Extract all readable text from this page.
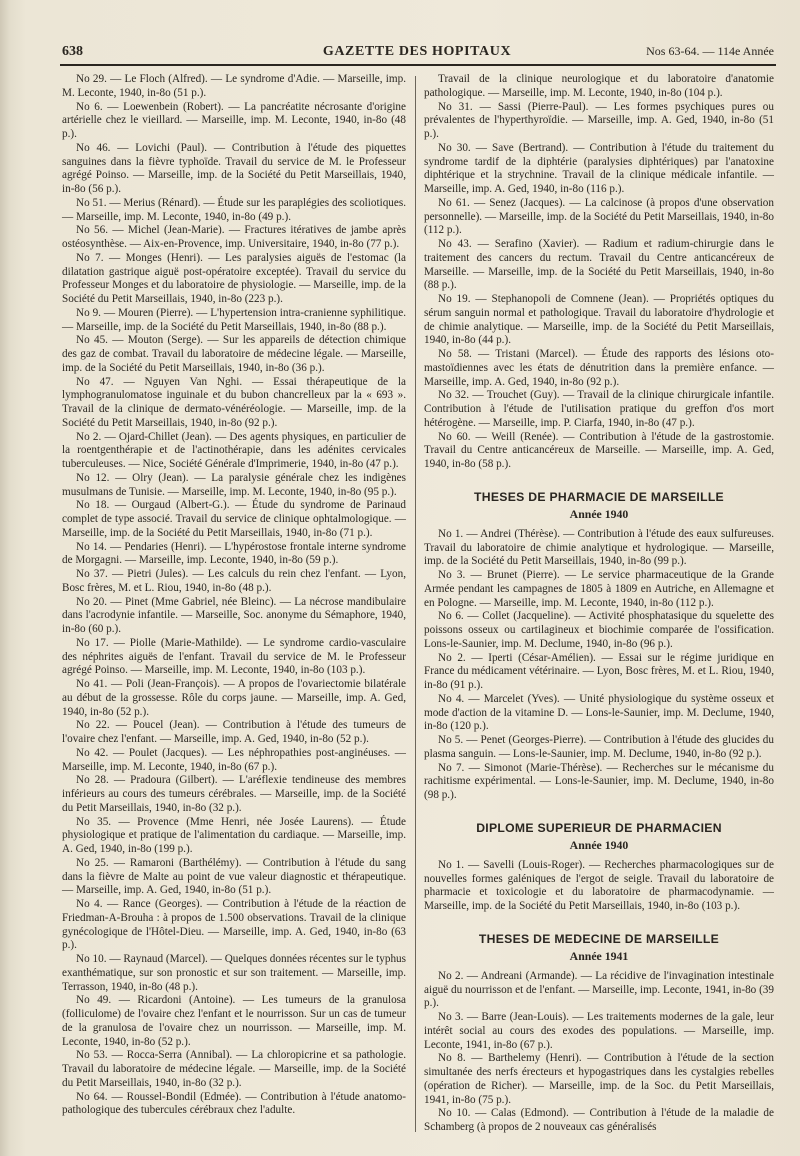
638	GAZETTE DES HOPITAUX	Nos 63-64. — 114e Année

No 29. — Le Floch (Alfred). — Le syndrome d'Adie. — Marseille, imp. M. Leconte, 1940, in-8o (51 p.).

No 6. — Loewenbein (Robert). — La pancréatite nécrosante d'origine artérielle chez le vieillard. — Marseille, imp. M. Leconte, 1940, in-8o (48 p.).

No 46. — Lovichi (Paul). — Contribution à l'étude des piquettes sanguines dans la fièvre typhoïde. Travail du service de M. le Professeur agrégé Poinso. — Marseille, imp. de la Société du Petit Marseillais, 1940, in-8o (56 p.).

No 51. — Merius (Rénard). — Étude sur les paraplégies des scoliotiques. — Marseille, imp. M. Leconte, 1940, in-8o (49 p.).

No 56. — Michel (Jean-Marie). — Fractures itératives de jambe après ostéosynthèse. — Aix-en-Provence, imp. Universitaire, 1940, in-8o (77 p.).

No 7. — Monges (Henri). — Les paralysies aiguës de l'estomac (la dilatation gastrique aiguë post-opératoire exceptée). Travail du service du Professeur Monges et du laboratoire de physiologie. — Marseille, imp. de la Société du Petit Marseillais, 1940, in-8o (223 p.).

No 9. — Mouren (Pierre). — L'hypertension intra-cranienne syphilitique. — Marseille, imp. de la Société du Petit Marseillais, 1940, in-8o (88 p.).

No 45. — Mouton (Serge). — Sur les appareils de détection chimique des gaz de combat. Travail du laboratoire de médecine légale. — Marseille, imp. de la Société du Petit Marseillais, 1940, in-8o (36 p.).

No 47. — Nguyen Van Nghi. — Essai thérapeutique de la lymphogranulomatose inguinale et du bubon chancrelleux par la « 693 ». Travail de la clinique de dermato-vénéréologie. — Marseille, imp. de la Société du Petit Marseillais, 1940, in-8o (92 p.).

No 2. — Ojard-Chillet (Jean). — Des agents physiques, en particulier de la roentgenthérapie et de l'actinothérapie, dans les adénites cervicales tuberculeuses. — Nice, Société Générale d'Imprimerie, 1940, in-8o (47 p.).

No 12. — Olry (Jean). — La paralysie générale chez les indigènes musulmans de Tunisie. — Marseille, imp. M. Leconte, 1940, in-8o (95 p.).

No 18. — Ourgaud (Albert-G.). — Étude du syndrome de Parinaud complet de type associé. Travail du service de clinique ophtalmologique. — Marseille, imp. de la Société du Petit Marseillais, 1940, in-8o (71 p.).

No 14. — Pendaries (Henri). — L'hypérostose frontale interne syndrome de Morgagni. — Marseille, imp. Leconte, 1940, in-8o (59 p.).

No 37. — Pietri (Jules). — Les calculs du rein chez l'enfant. — Lyon, Bosc frères, M. et L. Riou, 1940, in-8o (48 p.).

No 20. — Pinet (Mme Gabriel, née Bleinc). — La nécrose mandibulaire dans l'acrodynie infantile. — Marseille, Soc. anonyme du Sémaphore, 1940, in-8o (60 p.).

No 17. — Piolle (Marie-Mathilde). — Le syndrome cardio-vasculaire des néphrites aiguës de l'enfant. Travail du service de M. le Professeur agrégé Poinso. — Marseille, imp. M. Leconte, 1940, in-8o (103 p.).

No 41. — Poli (Jean-François). — A propos de l'ovariectomie bilatérale au début de la grossesse. Rôle du corps jaune. — Marseille, imp. A. Ged, 1940, in-8o (52 p.).

No 22. — Poucel (Jean). — Contribution à l'étude des tumeurs de l'ovaire chez l'enfant. — Marseille, imp. A. Ged, 1940, in-8o (52 p.).

No 42. — Poulet (Jacques). — Les néphropathies post-anginéuses. — Marseille, imp. M. Leconte, 1940, in-8o (67 p.).

No 28. — Pradoura (Gilbert). — L'aréflexie tendineuse des membres inférieurs au cours des tumeurs cérébrales. — Marseille, imp. de la Société du Petit Marseillais, 1940, in-8o (32 p.).

No 35. — Provence (Mme Henri, née Josée Laurens). — Étude physiologique et pratique de l'alimentation du cardiaque. — Marseille, imp. A. Ged, 1940, in-8o (199 p.).

No 25. — Ramaroni (Barthélémy). — Contribution à l'étude du sang dans la fièvre de Malte au point de vue valeur diagnostic et thérapeutique. — Marseille, imp. A. Ged, 1940, in-8o (51 p.).

No 4. — Rance (Georges). — Contribution à l'étude de la réaction de Friedman-A-Brouha : à propos de 1.500 observations. Travail de la clinique gynécologique de l'Hôtel-Dieu. — Marseille, imp. A. Ged, 1940, in-8o (63 p.).

No 10. — Raynaud (Marcel). — Quelques données récentes sur le typhus exanthématique, sur son pronostic et sur son traitement. — Marseille, imp. Terrasson, 1940, in-8o (48 p.).

No 49. — Ricardoni (Antoine). — Les tumeurs de la granulosa (folliculome) de l'ovaire chez l'enfant et le nourrisson. Sur un cas de tumeur de la granulosa de l'ovaire chez un nourrisson. — Marseille, imp. M. Leconte, 1940, in-8o (52 p.).

No 53. — Rocca-Serra (Annibal). — La chloropicrine et sa pathologie. Travail du laboratoire de médecine légale. — Marseille, imp. de la Société du Petit Marseillais, 1940, in-8o (32 p.).

No 64. — Roussel-Bondil (Edmée). — Contribution à l'étude anatomo-pathologique des tubercules cérébraux chez l'adulte.

Travail de la clinique neurologique et du laboratoire d'anatomie pathologique. — Marseille, imp. M. Leconte, 1940, in-8o (104 p.).

No 31. — Sassi (Pierre-Paul). — Les formes psychiques pures ou prévalentes de l'hyperthyroïdie. — Marseille, imp. A. Ged, 1940, in-8o (51 p.).

No 30. — Save (Bertrand). — Contribution à l'étude du traitement du syndrome tardif de la diphtérie (paralysies diphtériques) par l'anatoxine diphtérique et la strychnine. Travail de la clinique médicale infantile. — Marseille, imp. A. Ged, 1940, in-8o (116 p.).

No 61. — Senez (Jacques). — La calcinose (à propos d'une observation personnelle). — Marseille, imp. de la Société du Petit Marseillais, 1940, in-8o (112 p.).

No 43. — Serafino (Xavier). — Radium et radium-chirurgie dans le traitement des cancers du rectum. Travail du Centre anticancéreux de Marseille. — Marseille, imp. de la Société du Petit Marseillais, 1940, in-8o (88 p.).

No 19. — Stephanopoli de Comnene (Jean). — Propriétés optiques du sérum sanguin normal et pathologique. Travail du laboratoire d'hydrologie et de chimie analytique. — Marseille, imp. de la Société du Petit Marseillais, 1940, in-8o (44 p.).

No 58. — Tristani (Marcel). — Étude des rapports des lésions oto-mastoïdiennes avec les états de dénutrition dans la première enfance. — Marseille, imp. A. Ged, 1940, in-8o (92 p.).

No 32. — Trouchet (Guy). — Travail de la clinique chirurgicale infantile. Contribution à l'étude de l'utilisation pratique du greffon d'os mort hétérogène. — Marseille, imp. P. Ciarfa, 1940, in-8o (47 p.).

No 60. — Weill (Renée). — Contribution à l'étude de la gastrostomie. Travail du Centre anticancéreux de Marseille. — Marseille, imp. A. Ged, 1940, in-8o (58 p.).

THESES DE PHARMACIE DE MARSEILLE
Année 1940

No 1. — Andrei (Thérèse). — Contribution à l'étude des eaux sulfureuses. Travail du laboratoire de chimie analytique et hydrologique. — Marseille, imp. de la Société du Petit Marseillais, 1940, in-8o (99 p.).

No 3. — Brunet (Pierre). — Le service pharmaceutique de la Grande Armée pendant les campagnes de 1805 à 1809 en Autriche, en Allemagne et en Pologne. — Marseille, imp. M. Leconte, 1940, in-8o (112 p.).

No 6. — Collet (Jacqueline). — Activité phosphatasique du squelette des poissons osseux ou cartilagineux et biochimie comparée de l'ossification. Lons-le-Saunier, imp. M. Declume, 1940, in-8o (96 p.).

No 2. — Iperti (César-Amélien). — Essai sur le régime juridique en France du médicament vétérinaire. — Lyon, Bosc frères, M. et L. Riou, 1940, in-8o (91 p.).

No 4. — Marcelet (Yves). — Unité physiologique du système osseux et mode d'action de la vitamine D. — Lons-le-Saunier, imp. M. Declume, 1940, in-8o (120 p.).

No 5. — Penet (Georges-Pierre). — Contribution à l'étude des glucides du plasma sanguin. — Lons-le-Saunier, imp. M. Declume, 1940, in-8o (92 p.).

No 7. — Simonot (Marie-Thérèse). — Recherches sur le mécanisme du rachitisme expérimental. — Lons-le-Saunier, imp. M. Declume, 1940, in-8o (98 p.).

DIPLOME SUPERIEUR DE PHARMACIEN
Année 1940

No 1. — Savelli (Louis-Roger). — Recherches pharmacologiques sur de nouvelles formes galéniques de l'ergot de seigle. Travail du laboratoire de pharmacie et toxicologie et du laboratoire de pharmacodynamie. — Marseille, imp. de la Société du Petit Marseillais, 1940, in-8o (103 p.).

THESES DE MEDECINE DE MARSEILLE
Année 1941

No 2. — Andreani (Armande). — La récidive de l'invagination intestinale aiguë du nourrisson et de l'enfant. — Marseille, imp. Leconte, 1941, in-8o (39 p.).

No 3. — Barre (Jean-Louis). — Les traitements modernes de la gale, leur intérêt social au cours des exodes des populations. — Marseille, imp. Leconte, 1941, in-8o (67 p.).

No 8. — Barthelemy (Henri). — Contribution à l'étude de la section simultanée des nerfs érecteurs et hypogastriques dans les cystalgies rebelles (opération de Richer). — Marseille, imp. de la Soc. du Petit Marseillais, 1941, in-8o (75 p.).

No 10. — Calas (Edmond). — Contribution à l'étude de la maladie de Schamberg (à propos de 2 nouveaux cas généralisés
